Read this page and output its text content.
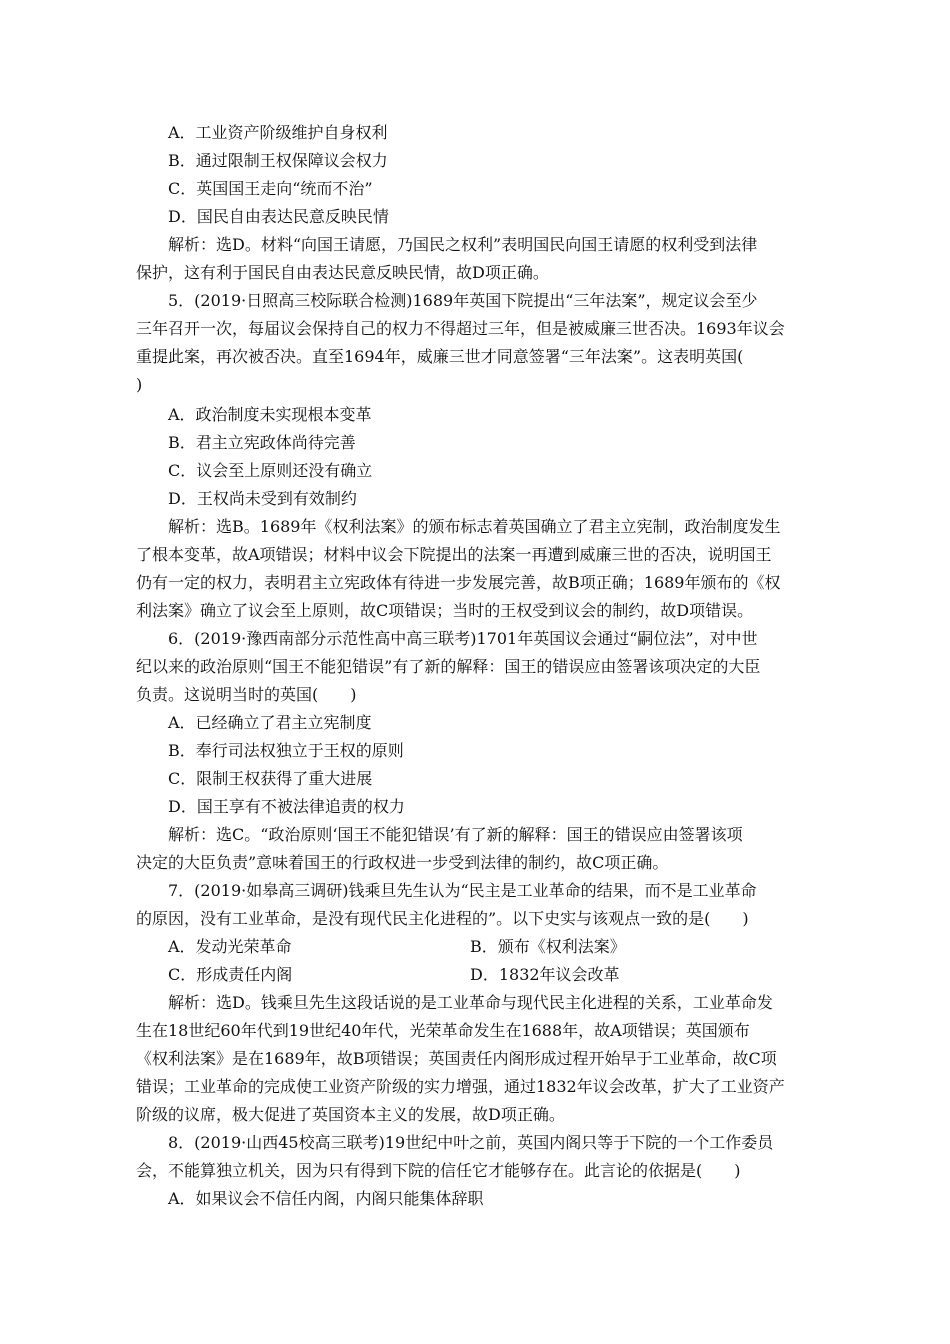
A．工业资产阶级维护自身权利
B．通过限制王权保障议会权力
C．英国国王走向“统而不治”
D．国民自由表达民意反映民情
解析：选D。材料“向国王请愿，乃国民之权利”表明国民向国王请愿的权利受到法律
保护，这有利于国民自由表达民意反映民情，故D项正确。
5．(2019·日照高三校际联合检测)1689年英国下院提出“三年法案”，规定议会至少
三年召开一次，每届议会保持自己的权力不得超过三年，但是被威廉三世否决。1693年议会
重提此案，再次被否决。直至1694年，威廉三世才同意签署“三年法案”。这表明英国(
)
A．政治制度未实现根本变革
B．君主立宪政体尚待完善
C．议会至上原则还没有确立
D．王权尚未受到有效制约
解析：选B。1689年《权利法案》的颁布标志着英国确立了君主立宪制，政治制度发生
了根本变革，故A项错误；材料中议会下院提出的法案一再遭到威廉三世的否决，说明国王
仍有一定的权力，表明君主立宪政体有待进一步发展完善，故B项正确；1689年颁布的《权
利法案》确立了议会至上原则，故C项错误；当时的王权受到议会的制约，故D项错误。
6．(2019·豫西南部分示范性高中高三联考)1701年英国议会通过“嗣位法”，对中世
纪以来的政治原则“国王不能犯错误”有了新的解释：国王的错误应由签署该项决定的大臣
负责。这说明当时的英国(　　)
A．已经确立了君主立宪制度
B．奉行司法权独立于王权的原则
C．限制王权获得了重大进展
D．国王享有不被法律追责的权力
解析：选C。“政治原则‘国王不能犯错误’有了新的解释：国王的错误应由签署该项
决定的大臣负责”意味着国王的行政权进一步受到法律的制约，故C项正确。
7．(2019·如皋高三调研)钱乘旦先生认为“民主是工业革命的结果，而不是工业革命
的原因，没有工业革命，是没有现代民主化进程的”。以下史实与该观点一致的是(　　)
A．发动光荣革命	B．颁布《权利法案》
C．形成责任内阁	D．1832年议会改革
解析：选D。钱乘旦先生这段话说的是工业革命与现代民主化进程的关系，工业革命发
生在18世纪60年代到19世纪40年代，光荣革命发生在1688年，故A项错误；英国颁布
《权利法案》是在1689年，故B项错误；英国责任内阁形成过程开始早于工业革命，故C项
错误；工业革命的完成使工业资产阶级的实力增强，通过1832年议会改革，扩大了工业资产
阶级的议席，极大促进了英国资本主义的发展，故D项正确。
8．(2019·山西45校高三联考)19世纪中叶之前，英国内阁只等于下院的一个工作委员
会，不能算独立机关，因为只有得到下院的信任它才能够存在。此言论的依据是(　　)
A．如果议会不信任内阁，内阁只能集体辞职
